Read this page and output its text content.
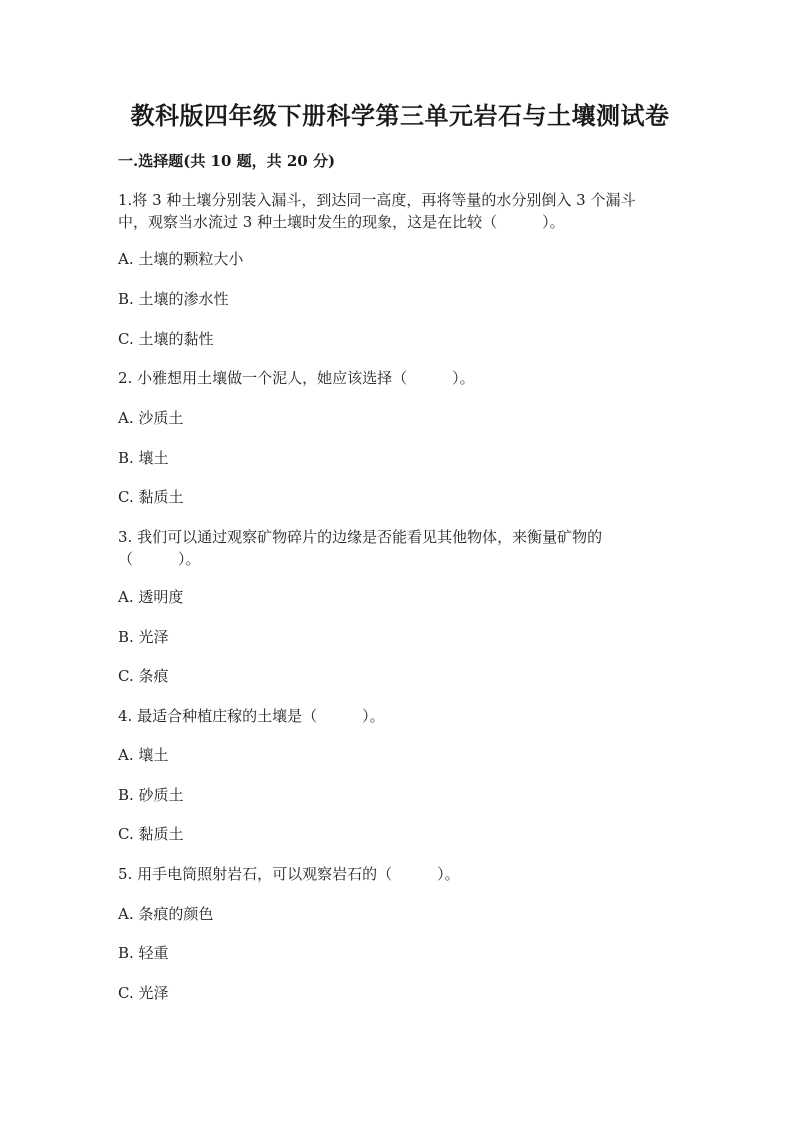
教科版四年级下册科学第三单元岩石与土壤测试卷
一.选择题(共 10 题，共 20 分)
1.将 3 种土壤分别装入漏斗，到达同一高度，再将等量的水分别倒入 3 个漏斗
中，观察当水流过 3 种土壤时发生的现象，这是在比较（　　　）。
A. 土壤的颗粒大小
B. 土壤的渗水性
C. 土壤的黏性
2. 小雅想用土壤做一个泥人，她应该选择（　　　）。
A. 沙质土
B. 壤土
C. 黏质土
3. 我们可以通过观察矿物碎片的边缘是否能看见其他物体，来衡量矿物的
（　　　）。
A. 透明度
B. 光泽
C. 条痕
4. 最适合种植庄稼的土壤是（　　　）。
A. 壤土
B. 砂质土
C. 黏质土
5. 用手电筒照射岩石，可以观察岩石的（　　　）。
A. 条痕的颜色
B. 轻重
C. 光泽
